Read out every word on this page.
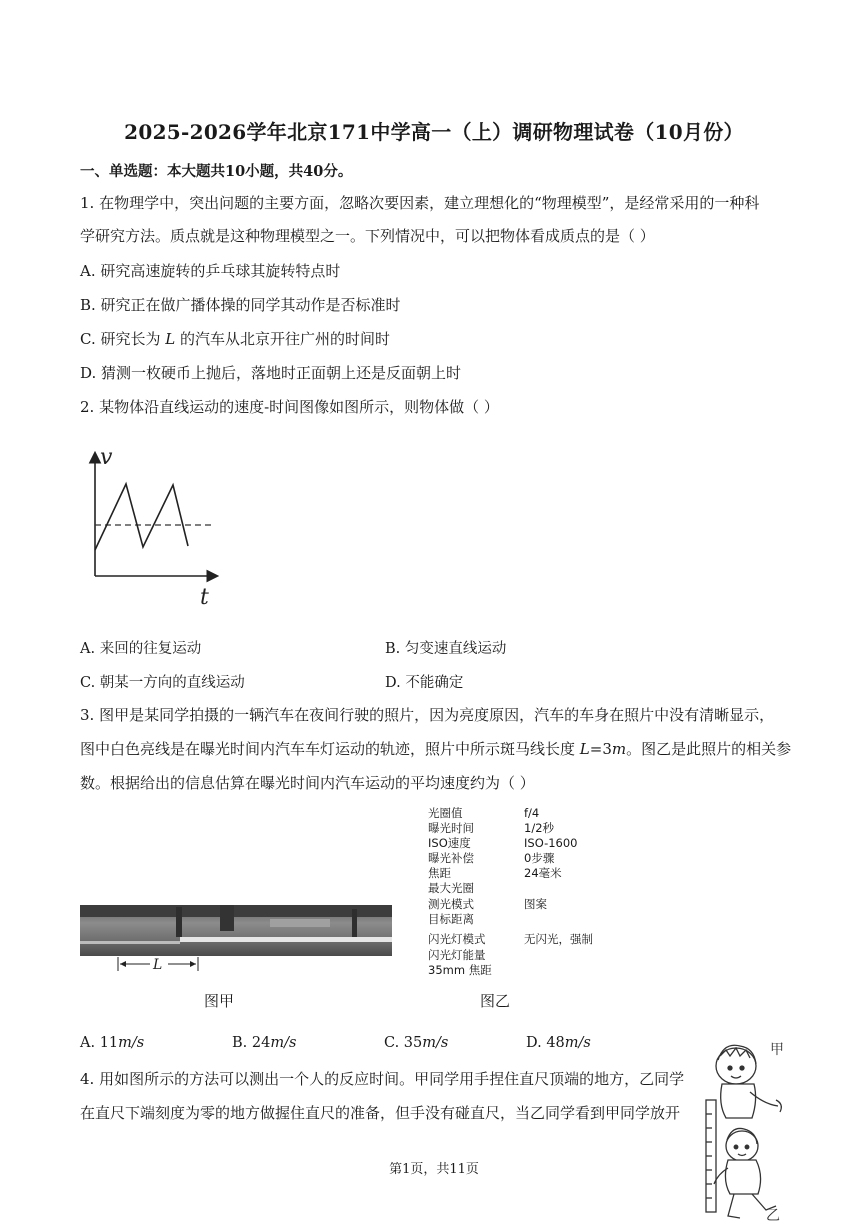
2025-2026学年北京171中学高一（上）调研物理试卷（10月份）
一、单选题：本大题共10小题，共40分。
1. 在物理学中，突出问题的主要方面，忽略次要因素，建立理想化的“物理模型”，是经常采用的一种科
学研究方法。质点就是这种物理模型之一。下列情况中，可以把物体看成质点的是（ ）
A. 研究高速旋转的乒乓球其旋转特点时
B. 研究正在做广播体操的同学其动作是否标准时
C. 研究长为 L 的汽车从北京开往广州的时间时
D. 猜测一枚硬币上抛后，落地时正面朝上还是反面朝上时
2. 某物体沿直线运动的速度-时间图像如图所示，则物体做（ ）
v
t
A. 来回的往复运动	B. 匀变速直线运动
C. 朝某一方向的直线运动	D. 不能确定
3. 图甲是某同学拍摄的一辆汽车在夜间行驶的照片，因为亮度原因，汽车的车身在照片中没有清晰显示，
图中白色亮线是在曝光时间内汽车车灯运动的轨迹，照片中所示斑马线长度 L=3m。图乙是此照片的相关参
数。根据给出的信息估算在曝光时间内汽车运动的平均速度约为（ ）
L
图甲
光圈值	f/4
曝光时间	1/2秒
ISO速度	ISO-1600
曝光补偿	0步骤
焦距	24毫米
最大光圈
测光模式	图案
目标距离
闪光灯模式	无闪光，强制
闪光灯能量
35mm 焦距
图乙
A. 11m/s	B. 24m/s	C. 35m/s	D. 48m/s
4. 用如图所示的方法可以测出一个人的反应时间。甲同学用手捏住直尺顶端的地方，乙同学
在直尺下端刻度为零的地方做握住直尺的准备，但手没有碰直尺，当乙同学看到甲同学放开
甲
乙
第1页，共11页
